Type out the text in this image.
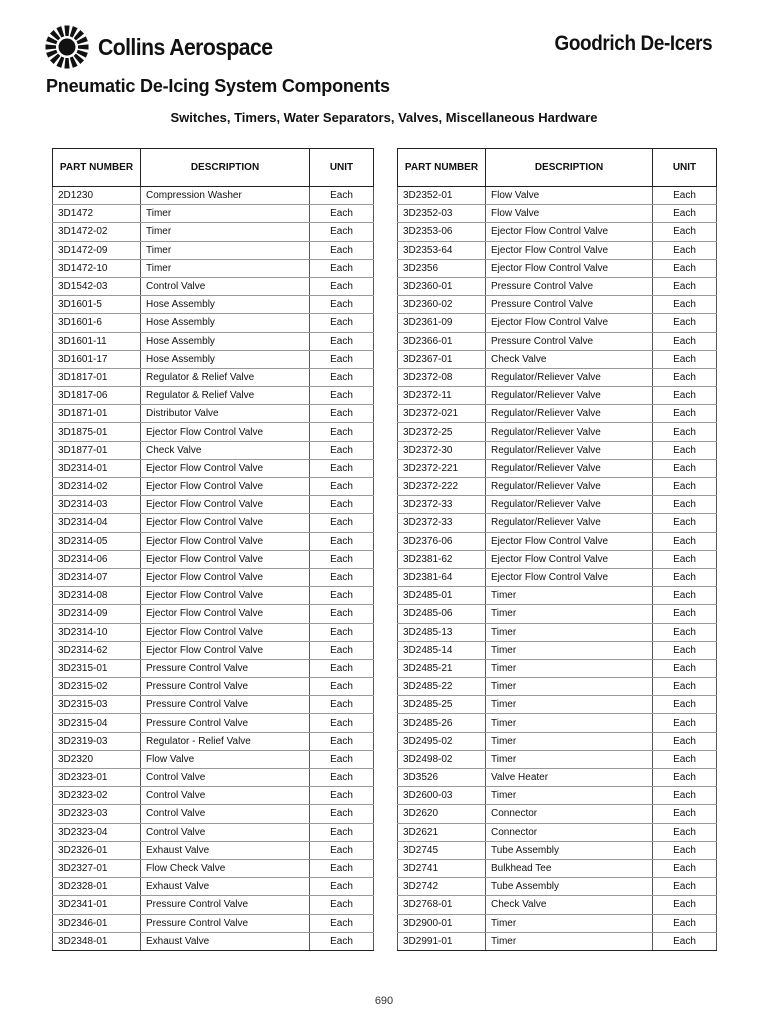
Collins Aerospace	Goodrich De-Icers
Pneumatic De-Icing System Components
Switches, Timers, Water Separators, Valves, Miscellaneous Hardware
PART NUMBER	DESCRIPTION	UNIT
2D1230	Compression Washer	Each
3D1472	Timer	Each
3D1472-02	Timer	Each
3D1472-09	Timer	Each
3D1472-10	Timer	Each
3D1542-03	Control Valve	Each
3D1601-5	Hose Assembly	Each
3D1601-6	Hose Assembly	Each
3D1601-11	Hose Assembly	Each
3D1601-17	Hose Assembly	Each
3D1817-01	Regulator & Relief Valve	Each
3D1817-06	Regulator & Relief Valve	Each
3D1871-01	Distributor Valve	Each
3D1875-01	Ejector Flow Control Valve	Each
3D1877-01	Check Valve	Each
3D2314-01	Ejector Flow Control Valve	Each
3D2314-02	Ejector Flow Control Valve	Each
3D2314-03	Ejector Flow Control Valve	Each
3D2314-04	Ejector Flow Control Valve	Each
3D2314-05	Ejector Flow Control Valve	Each
3D2314-06	Ejector Flow Control Valve	Each
3D2314-07	Ejector Flow Control Valve	Each
3D2314-08	Ejector Flow Control Valve	Each
3D2314-09	Ejector Flow Control Valve	Each
3D2314-10	Ejector Flow Control Valve	Each
3D2314-62	Ejector Flow Control Valve	Each
3D2315-01	Pressure Control Valve	Each
3D2315-02	Pressure Control Valve	Each
3D2315-03	Pressure Control Valve	Each
3D2315-04	Pressure Control Valve	Each
3D2319-03	Regulator - Relief Valve	Each
3D2320	Flow Valve	Each
3D2323-01	Control Valve	Each
3D2323-02	Control Valve	Each
3D2323-03	Control Valve	Each
3D2323-04	Control Valve	Each
3D2326-01	Exhaust Valve	Each
3D2327-01	Flow Check Valve	Each
3D2328-01	Exhaust Valve	Each
3D2341-01	Pressure Control Valve	Each
3D2346-01	Pressure Control Valve	Each
3D2348-01	Exhaust Valve	Each
PART NUMBER	DESCRIPTION	UNIT
3D2352-01	Flow Valve	Each
3D2352-03	Flow Valve	Each
3D2353-06	Ejector Flow Control Valve	Each
3D2353-64	Ejector Flow Control Valve	Each
3D2356	Ejector Flow Control Valve	Each
3D2360-01	Pressure Control Valve	Each
3D2360-02	Pressure Control Valve	Each
3D2361-09	Ejector Flow Control Valve	Each
3D2366-01	Pressure Control Valve	Each
3D2367-01	Check Valve	Each
3D2372-08	Regulator/Reliever Valve	Each
3D2372-11	Regulator/Reliever Valve	Each
3D2372-021	Regulator/Reliever Valve	Each
3D2372-25	Regulator/Reliever Valve	Each
3D2372-30	Regulator/Reliever Valve	Each
3D2372-221	Regulator/Reliever Valve	Each
3D2372-222	Regulator/Reliever Valve	Each
3D2372-33	Regulator/Reliever Valve	Each
3D2372-33	Regulator/Reliever Valve	Each
3D2376-06	Ejector Flow Control Valve	Each
3D2381-62	Ejector Flow Control Valve	Each
3D2381-64	Ejector Flow Control Valve	Each
3D2485-01	Timer	Each
3D2485-06	Timer	Each
3D2485-13	Timer	Each
3D2485-14	Timer	Each
3D2485-21	Timer	Each
3D2485-22	Timer	Each
3D2485-25	Timer	Each
3D2485-26	Timer	Each
3D2495-02	Timer	Each
3D2498-02	Timer	Each
3D3526	Valve Heater	Each
3D2600-03	Timer	Each
3D2620	Connector	Each
3D2621	Connector	Each
3D2745	Tube Assembly	Each
3D2741	Bulkhead Tee	Each
3D2742	Tube Assembly	Each
3D2768-01	Check Valve	Each
3D2900-01	Timer	Each
3D2991-01	Timer	Each
690
